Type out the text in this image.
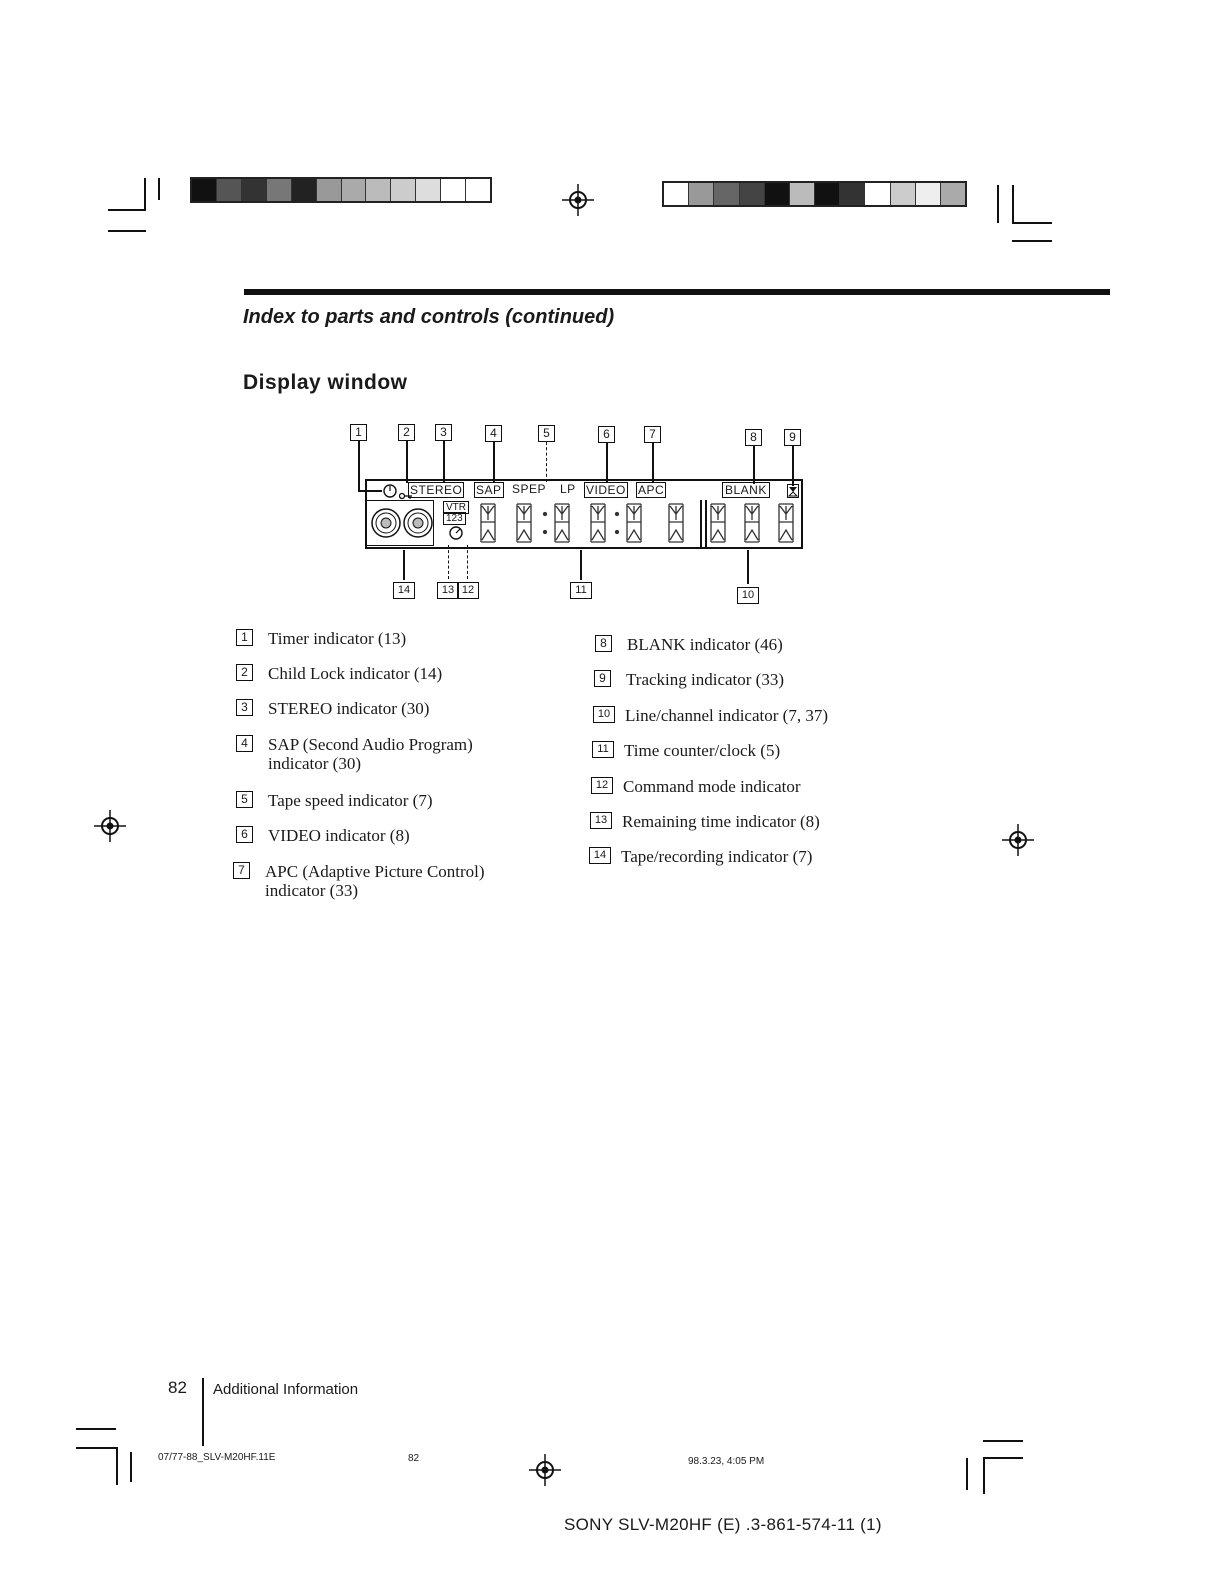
Index to parts and controls (continued)
Display window
1	2	3	4	5	6	7	8	9
STEREO SAP SPEP LP VIDEO APC	BLANK
VTR
123
14	13 12	11	10
1	Timer indicator (13)
2	Child Lock indicator (14)
3	STEREO indicator (30)
4	SAP (Second Audio Program) indicator (30)
5	Tape speed indicator (7)
6	VIDEO indicator (8)
7	APC (Adaptive Picture Control) indicator (33)
8	BLANK indicator (46)
9	Tracking indicator (33)
10 Line/channel indicator (7, 37)
11 Time counter/clock (5)
12 Command mode indicator
13 Remaining time indicator (8)
14 Tape/recording indicator (7)
82 Additional Information
07/77-88_SLV-M20HF.11E	82	98.3.23, 4:05 PM
SONY SLV-M20HF (E) .3-861-574-11 (1)
